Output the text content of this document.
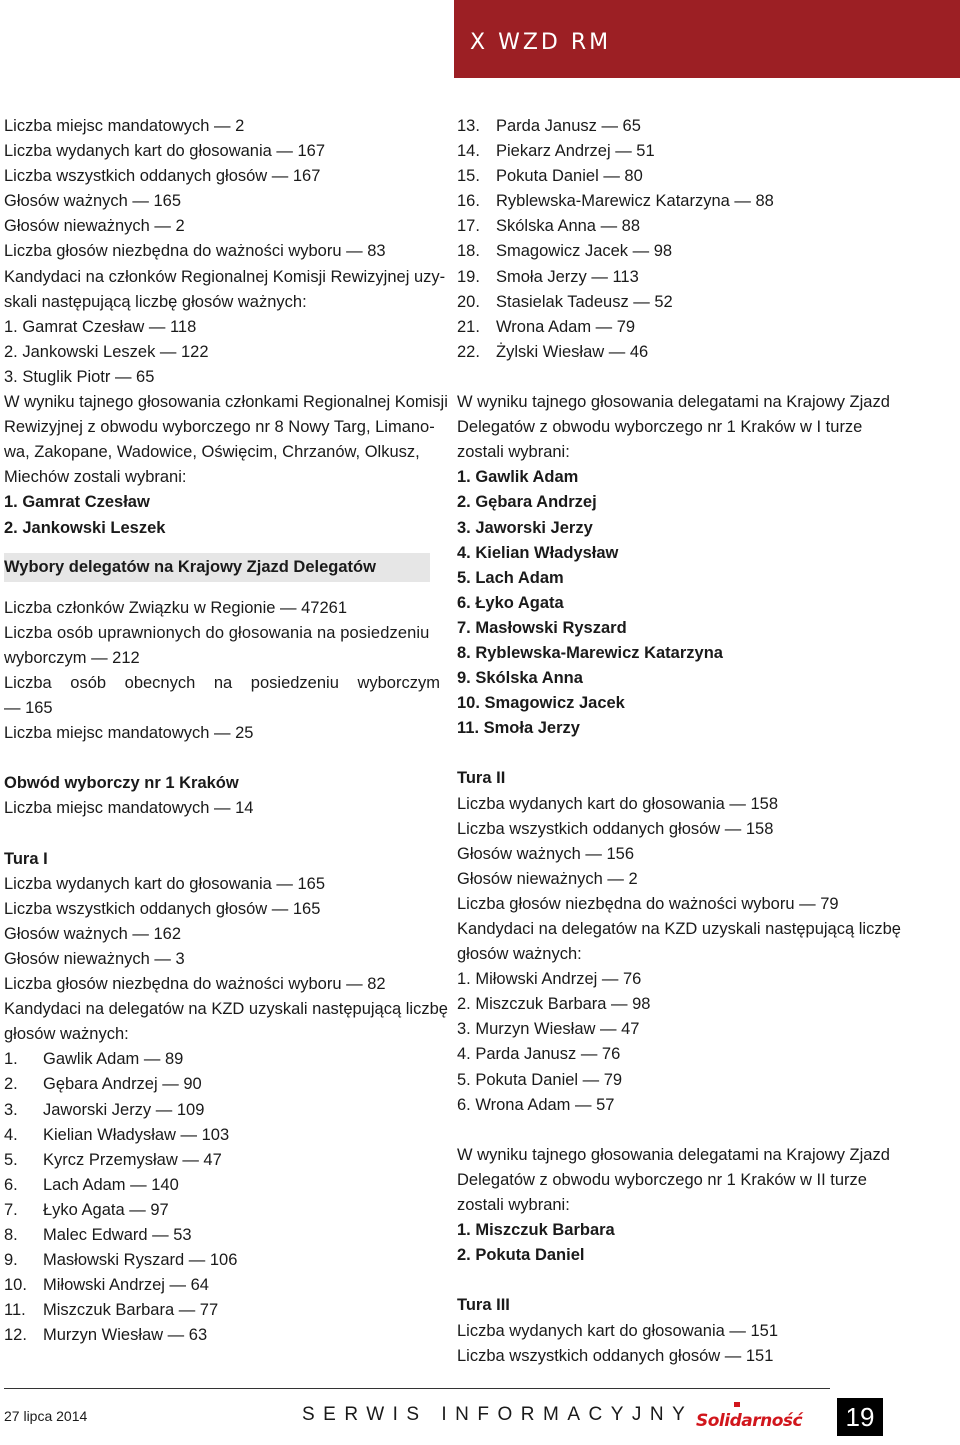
X WZD RM
Liczba miejsc mandatowych — 2
Liczba wydanych kart do głosowania — 167
Liczba wszystkich oddanych głosów — 167
Głosów ważnych — 165
Głosów nieważnych — 2
Liczba głosów niezbędna do ważności wyboru — 83
Kandydaci na członków Regionalnej Komisji Rewizyjnej uzy-
skali następującą liczbę głosów ważnych:
1. Gamrat Czesław — 118
2. Jankowski Leszek — 122
3. Stuglik Piotr — 65
W wyniku tajnego głosowania członkami Regionalnej Komisji
Rewizyjnej z obwodu wyborczego nr 8 Nowy Targ, Limano-
wa, Zakopane, Wadowice, Oświęcim, Chrzanów, Olkusz,
Miechów zostali wybrani:
1. Gamrat Czesław
2. Jankowski Leszek
Wybory delegatów na Krajowy Zjazd Delegatów
Liczba członków Związku w Regionie — 47261
Liczba osób uprawnionych do głosowania na posiedzeniu
wyborczym — 212
Liczba osób obecnych na posiedzeniu wyborczym
— 165
Liczba miejsc mandatowych — 25
Obwód wyborczy nr 1 Kraków
Liczba miejsc mandatowych — 14
Tura I
Liczba wydanych kart do głosowania — 165
Liczba wszystkich oddanych głosów — 165
Głosów ważnych — 162
Głosów nieważnych — 3
Liczba głosów niezbędna do ważności wyboru — 82
Kandydaci na delegatów na KZD uzyskali następującą liczbę
głosów ważnych:
1.	Gawlik Adam — 89
2.	Gębara Andrzej — 90
3.	Jaworski Jerzy — 109
4.	Kielian Władysław — 103
5.	Kyrcz Przemysław — 47
6.	Lach Adam — 140
7.	Łyko Agata — 97
8.	Malec Edward — 53
9.	Masłowski Ryszard — 106
10. Miłowski Andrzej — 64
11.	Miszczuk Barbara — 77
12. Murzyn Wiesław — 63
13. Parda Janusz — 65
14. Piekarz Andrzej — 51
15. Pokuta Daniel — 80
16. Ryblewska-Marewicz Katarzyna — 88
17. Skólska Anna — 88
18. Smagowicz Jacek — 98
19. Smoła Jerzy — 113
20. Stasielak Tadeusz — 52
21. Wrona Adam — 79
22. Żylski Wiesław — 46
W wyniku tajnego głosowania delegatami na Krajowy Zjazd
Delegatów z obwodu wyborczego nr 1 Kraków w I turze
zostali wybrani:
1. Gawlik Adam
2. Gębara Andrzej
3. Jaworski Jerzy
4. Kielian Władysław
5. Lach Adam
6. Łyko Agata
7. Masłowski Ryszard
8. Ryblewska-Marewicz Katarzyna
9. Skólska Anna
10. Smagowicz Jacek
11. Smoła Jerzy
Tura II
Liczba wydanych kart do głosowania — 158
Liczba wszystkich oddanych głosów — 158
Głosów ważnych — 156
Głosów nieważnych — 2
Liczba głosów niezbędna do ważności wyboru — 79
Kandydaci na delegatów na KZD uzyskali następującą liczbę
głosów ważnych:
1. Miłowski Andrzej — 76
2. Miszczuk Barbara — 98
3. Murzyn Wiesław — 47
4. Parda Janusz — 76
5. Pokuta Daniel — 79
6. Wrona Adam — 57
W wyniku tajnego głosowania delegatami na Krajowy Zjazd
Delegatów z obwodu wyborczego nr 1 Kraków w II turze
zostali wybrani:
1. Miszczuk Barbara
2. Pokuta Daniel
Tura III
Liczba wydanych kart do głosowania — 151
Liczba wszystkich oddanych głosów — 151
27 lipca 2014	SERWIS INFORMACYJNY Solidarność	19
